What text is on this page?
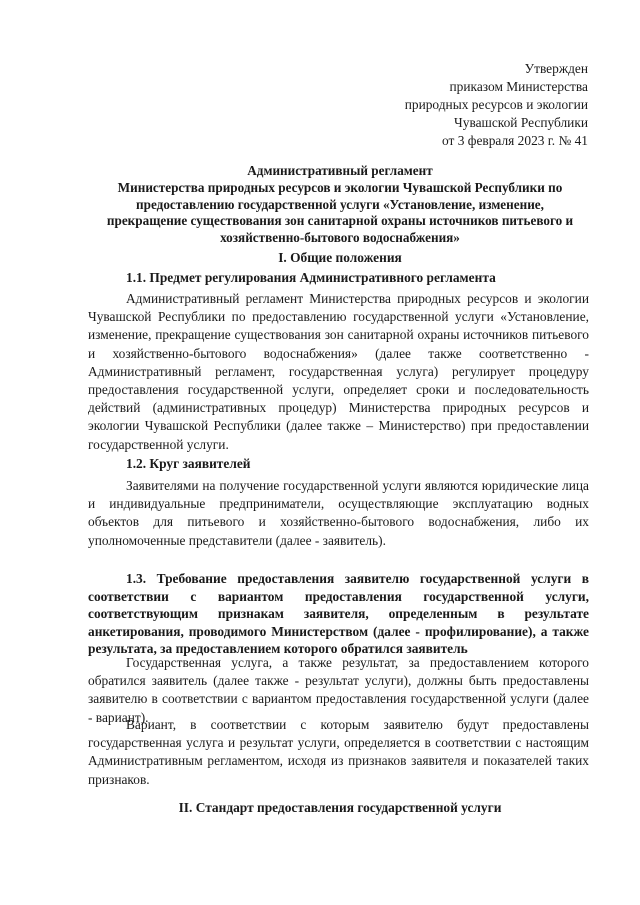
Утвержден
приказом Министерства
природных ресурсов и экологии
Чувашской Республики
от 3 февраля 2023 г. № 41
Административный регламент
Министерства природных ресурсов и экологии Чувашской Республики по
предоставлению государственной услуги «Установление, изменение,
прекращение существования зон санитарной охраны источников питьевого и
хозяйственно-бытового водоснабжения»
I. Общие положения
1.1. Предмет регулирования Административного регламента
Административный регламент Министерства природных ресурсов и экологии Чувашской Республики по предоставлению государственной услуги «Установление, изменение, прекращение существования зон санитарной охраны источников питьевого и хозяйственно-бытового водоснабжения» (далее также соответственно - Административный регламент, государственная услуга) регулирует процедуру предоставления государственной услуги, определяет сроки и последовательность действий (административных процедур) Министерства природных ресурсов и экологии Чувашской Республики (далее также – Министерство) при предоставлении государственной услуги.
1.2. Круг заявителей
Заявителями на получение государственной услуги являются юридические лица и индивидуальные предприниматели, осуществляющие эксплуатацию водных объектов для питьевого и хозяйственно-бытового водоснабжения, либо их уполномоченные представители (далее - заявитель).
1.3. Требование предоставления заявителю государственной услуги в соответствии с вариантом предоставления государственной услуги, соответствующим признакам заявителя, определенным в результате анкетирования, проводимого Министерством (далее - профилирование), а также результата, за предоставлением которого обратился заявитель
Государственная услуга, а также результат, за предоставлением которого обратился заявитель (далее также - результат услуги), должны быть предоставлены заявителю в соответствии с вариантом предоставления государственной услуги (далее - вариант).
Вариант, в соответствии с которым заявителю будут предоставлены государственная услуга и результат услуги, определяется в соответствии с настоящим Административным регламентом, исходя из признаков заявителя и показателей таких признаков.
II. Стандарт предоставления государственной услуги
